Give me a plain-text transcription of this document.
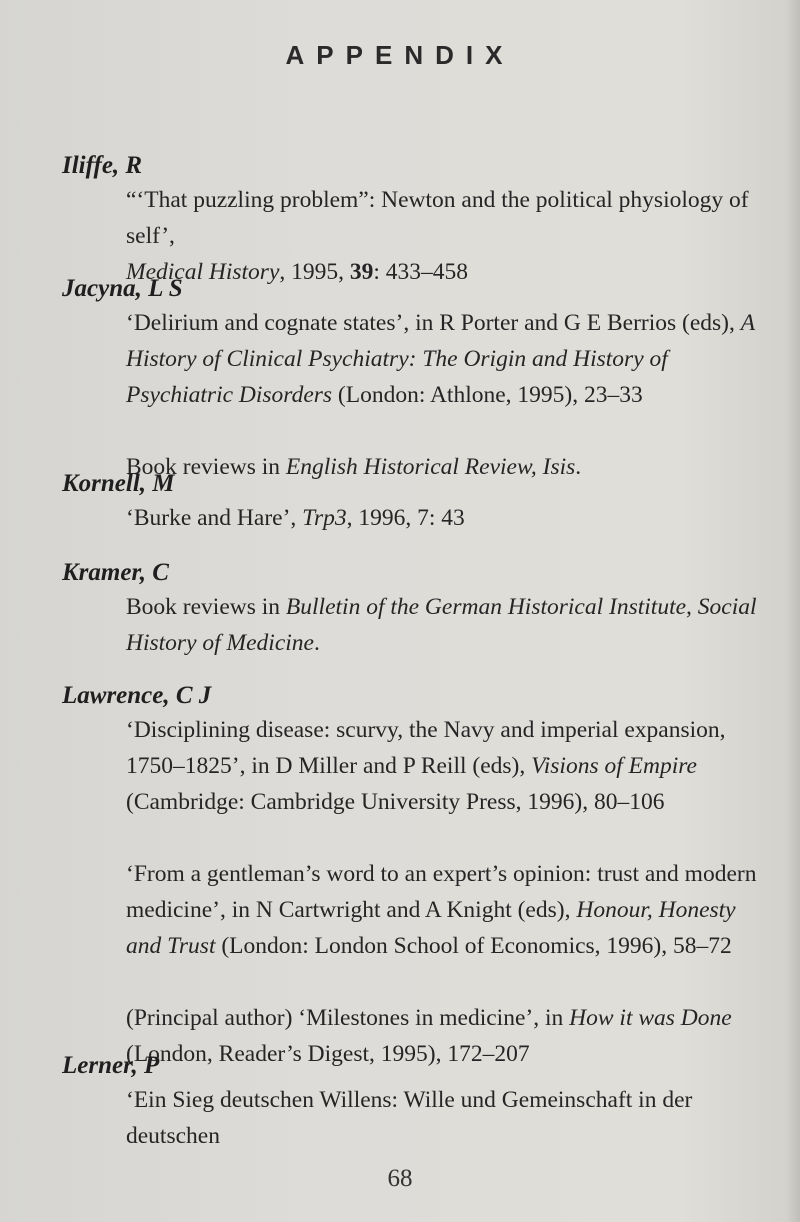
APPENDIX
Iliffe, R
“‘That puzzling problem”: Newton and the political physiology of self’,
Medical History, 1995, 39: 433–458
Jacyna, L S
‘Delirium and cognate states’, in R Porter and G E Berrios (eds), A History of Clinical Psychiatry: The Origin and History of Psychiatric Disorders (London: Athlone, 1995), 23–33
Book reviews in English Historical Review, Isis.
Kornell, M
‘Burke and Hare’, Trp3, 1996, 7: 43
Kramer, C
Book reviews in Bulletin of the German Historical Institute, Social History of Medicine.
Lawrence, C J
‘Disciplining disease: scurvy, the Navy and imperial expansion, 1750–1825’, in D Miller and P Reill (eds), Visions of Empire (Cambridge: Cambridge University Press, 1996), 80–106
‘From a gentleman’s word to an expert’s opinion: trust and modern medicine’, in N Cartwright and A Knight (eds), Honour, Honesty and Trust (London: London School of Economics, 1996), 58–72
(Principal author) ‘Milestones in medicine’, in How it was Done (London, Reader’s Digest, 1995), 172–207
Lerner, P
‘Ein Sieg deutschen Willens: Wille und Gemeinschaft in der deutschen
68
